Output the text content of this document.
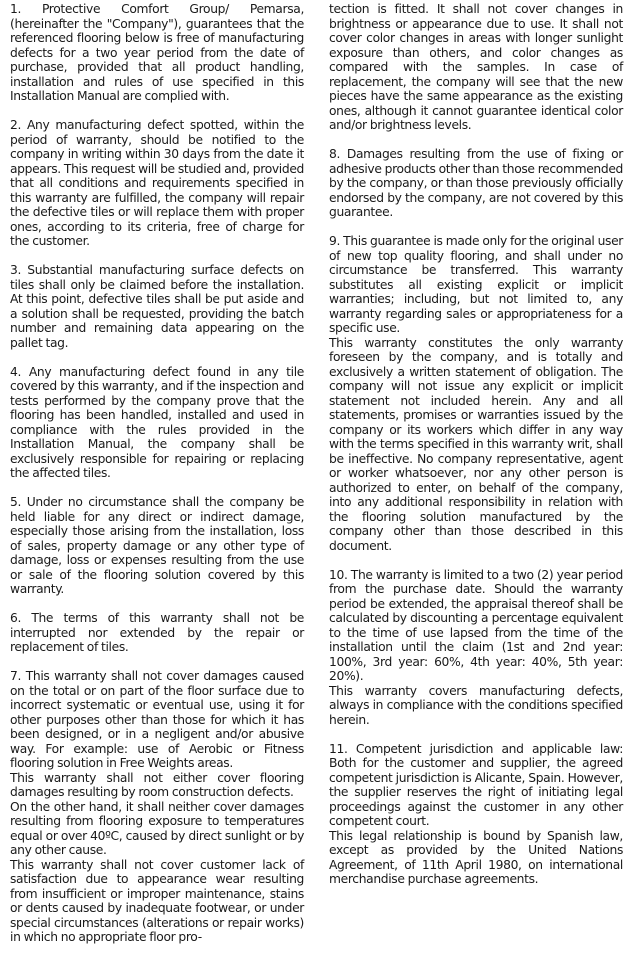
1. Protective Comfort Group/ Pemarsa, (hereinafter the "Company"), guarantees that the referenced flooring below is free of manufacturing defects for a two year period from the date of purchase, provided that all product handling, installation and rules of use specified in this Installation Manual are complied with.

2. Any manufacturing defect spotted, within the period of warranty, should be notified to the company in writing within 30 days from the date it appears. This request will be studied and, provided that all conditions and requirements specified in this warranty are fulfilled, the company will repair the defective tiles or will replace them with proper ones, according to its criteria, free of charge for the customer.

3. Substantial manufacturing surface defects on tiles shall only be claimed before the installation. At this point, defective tiles shall be put aside and a solution shall be requested, providing the batch number and remaining data appearing on the pallet tag.

4. Any manufacturing defect found in any tile covered by this warranty, and if the inspection and tests performed by the company prove that the flooring has been handled, installed and used in compliance with the rules provided in the Installation Manual, the company shall be exclusively responsible for repairing or replacing the affected tiles.

5. Under no circumstance shall the company be held liable for any direct or indirect damage, especially those arising from the installation, loss of sales, property damage or any other type of damage, loss or expenses resulting from the use or sale of the flooring solution covered by this warranty.

6. The terms of this warranty shall not be interrupted nor extended by the repair or replacement of tiles.

7. This warranty shall not cover damages caused on the total or on part of the floor surface due to incorrect systematic or eventual use, using it for other purposes other than those for which it has been designed, or in a negligent and/or abusive way. For example: use of Aerobic or Fitness flooring solution in Free Weights areas.

This warranty shall not either cover flooring damages resulting by room construction defects.

On the other hand, it shall neither cover damages resulting from flooring exposure to temperatures equal or over 40ºC, caused by direct sunlight or by any other cause.

This warranty shall not cover customer lack of satisfaction due to appearance wear resulting from insufficient or improper maintenance, stains or dents caused by inadequate footwear, or under special circumstances (alterations or repair works) in which no appropriate floor pro-

tection is fitted. It shall not cover changes in brightness or appearance due to use. It shall not cover color changes in areas with longer sunlight exposure than others, and color changes as compared with the samples. In case of replacement, the company will see that the new pieces have the same appearance as the existing ones, although it cannot guarantee identical color and/or brightness levels.

8. Damages resulting from the use of fixing or adhesive products other than those recommended by the company, or than those previously officially endorsed by the company, are not covered by this guarantee.

9. This guarantee is made only for the original user of new top quality flooring, and shall under no circumstance be transferred. This warranty substitutes all existing explicit or implicit warranties; including, but not limited to, any warranty regarding sales or appropriateness for a specific use.

This warranty constitutes the only warranty foreseen by the company, and is totally and exclusively a written statement of obligation. The company will not issue any explicit or implicit statement not included herein. Any and all statements, promises or warranties issued by the company or its workers which differ in any way with the terms specified in this warranty writ, shall be ineffective. No company representative, agent or worker whatsoever, nor any other person is authorized to enter, on behalf of the company, into any additional responsibility in relation with the flooring solution manufactured by the company other than those described in this document.

10. The warranty is limited to a two (2) year period from the purchase date. Should the warranty period be extended, the appraisal thereof shall be calculated by discounting a percentage equivalent to the time of use lapsed from the time of the installation until the claim (1st and 2nd year: 100%, 3rd year: 60%, 4th year: 40%, 5th year: 20%).

This warranty covers manufacturing defects, always in compliance with the conditions specified herein.

11. Competent jurisdiction and applicable law: Both for the customer and supplier, the agreed competent jurisdiction is Alicante, Spain. However, the supplier reserves the right of initiating legal proceedings against the customer in any other competent court.

This legal relationship is bound by Spanish law, except as provided by the United Nations Agreement, of 11th April 1980, on international merchandise purchase agreements.
